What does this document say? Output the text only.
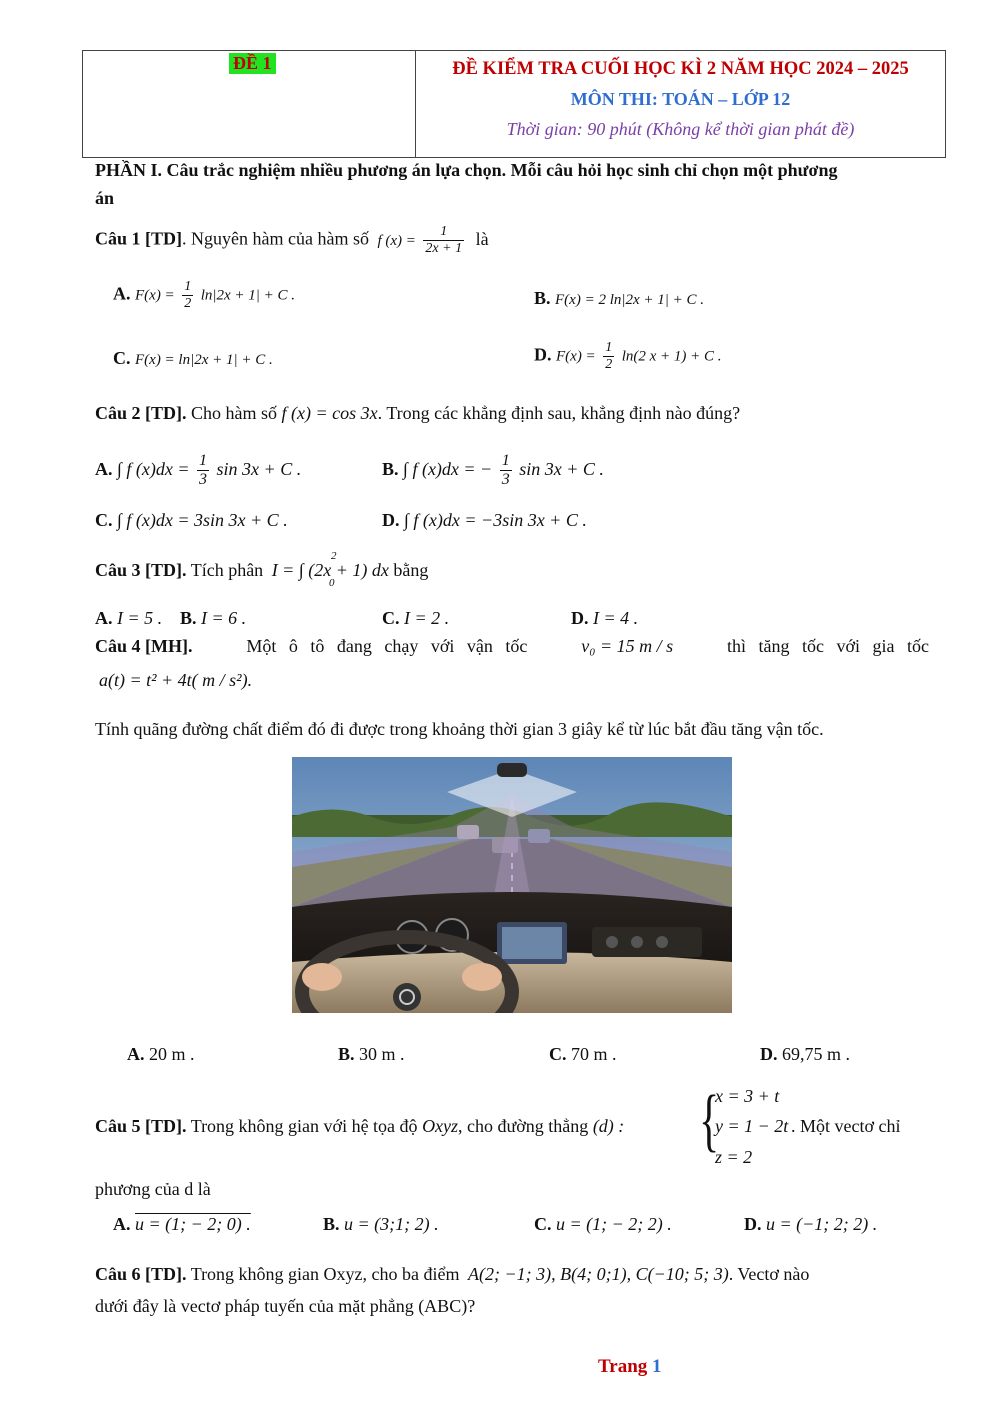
ĐỀ 1	ĐỀ KIỂM TRA CUỐI HỌC KÌ 2 NĂM HỌC 2024 – 2025
MÔN THI: TOÁN – LỚP 12
Thời gian: 90 phút (Không kể thời gian phát đề)
PHẦN I. Câu trắc nghiệm nhiều phương án lựa chọn. Mỗi câu hỏi học sinh chỉ chọn một phương
án
Câu 1 [TD]. Nguyên hàm của hàm số f $(x) = \frac{1}{2x + 1}$ là
A. $F(x) = \frac{1}{2} \ln|2x + 1| + C$ .	B. F(x) = 2 ln|2x + 1| + C .
C. F(x) = ln|2x + 1| + C .	D. $F(x) = \frac{1}{2} \ln(2$ x + 1) + C .
Câu 2 [TD]. Cho hàm số f (x) = cos 3x. Trong các khẳng định sau, khẳng định nào đúng?
A. ∫ f $(x)dx = \frac{1}{3}$ sin 3x + C .	B. ∫ f (x)dx = − $\frac{1}{3}$ sin 3x + C .
C. ∫ f (x)dx = 3sin 3x + C .	D. ∫ f (x)dx = −3sin 3x + C .
Câu 3 [TD]. Tích phân I = ∫ (2x + 1) dx bằng
2
0
A. I = 5 . B. I = 6 .	C. I = 2 .	D. I = 4 .
Câu 4 [MH].	Một ô tô đang chạy với vận tốc	v₀ = 15 m / s	thì tăng tốc với gia tốc
a(t) = t² + 4t( m / s²).
Tính quãng đường chất điểm đó đi được trong khoảng thời gian 3 giây kể từ lúc bắt đầu tăng vận tốc.
A. 20 m .	B. 30 m .	C. 70 m .	D. 69,75 m .
Câu 5 [TD]. Trong không gian với hệ tọa độ Oxyz, cho đường thẳng (d) : {
x = 3 + t
y = 1 − 2t
z = 2
. Một vectơ chỉ
phương của d là
A. u = (1; − 2; 0) .	B. u = (3;1; 2) .	C. u = (1; − 2; 2) .	D. u = (−1; 2; 2) .
Câu 6 [TD]. Trong không gian Oxyz, cho ba điểm A(2; −1; 3), B(4; 0;1), C(−10; 5; 3). Vectơ nào
dưới đây là vectơ pháp tuyến của mặt phẳng (ABC)?
Trang 1
